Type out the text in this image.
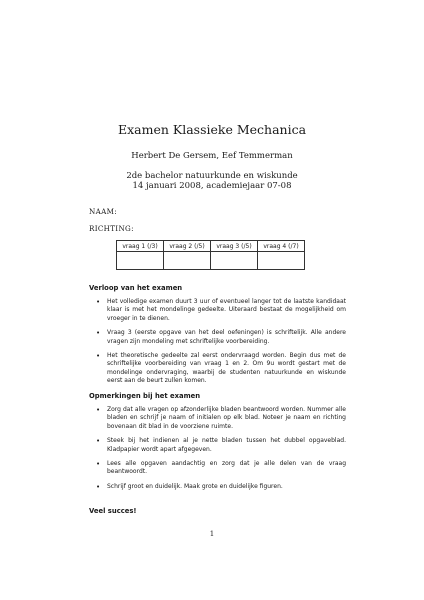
Examen Klassieke Mechanica
Herbert De Gersem, Eef Temmerman
2de bachelor natuurkunde en wiskunde
14 januari 2008, academiejaar 07-08
NAAM:
RICHTING:
vraag 1 (/3)	vraag 2 (/5)	vraag 3 (/5)	vraag 4 (/7)

Verloop van het examen
• Het volledige examen duurt 3 uur of eventueel langer tot de laatste kandidaat klaar is met het mondelinge gedeelte. Uiteraard bestaat de mogelijkheid om vroeger in te dienen.
• Vraag 3 (eerste opgave van het deel oefeningen) is schriftelijk. Alle andere vragen zijn mondeling met schriftelijke voorbereiding.
• Het theoretische gedeelte zal eerst ondervraagd worden. Begin dus met de schriftelijke voorbereiding van vraag 1 en 2. Om 9u wordt gestart met de mondelinge ondervraging, waarbij de studenten natuurkunde en wiskunde eerst aan de beurt zullen komen.
Opmerkingen bij het examen
• Zorg dat alle vragen op afzonderlijke bladen beantwoord worden. Nummer alle bladen en schrijf je naam of initialen op elk blad. Noteer je naam en richting bovenaan dit blad in de voorziene ruimte.
• Steek bij het indienen al je nette bladen tussen het dubbel opgaveblad. Kladpapier wordt apart afgegeven.
• Lees alle opgaven aandachtig en zorg dat je alle delen van de vraag beantwoordt.
• Schrijf groot en duidelijk. Maak grote en duidelijke figuren.
Veel succes!
1
